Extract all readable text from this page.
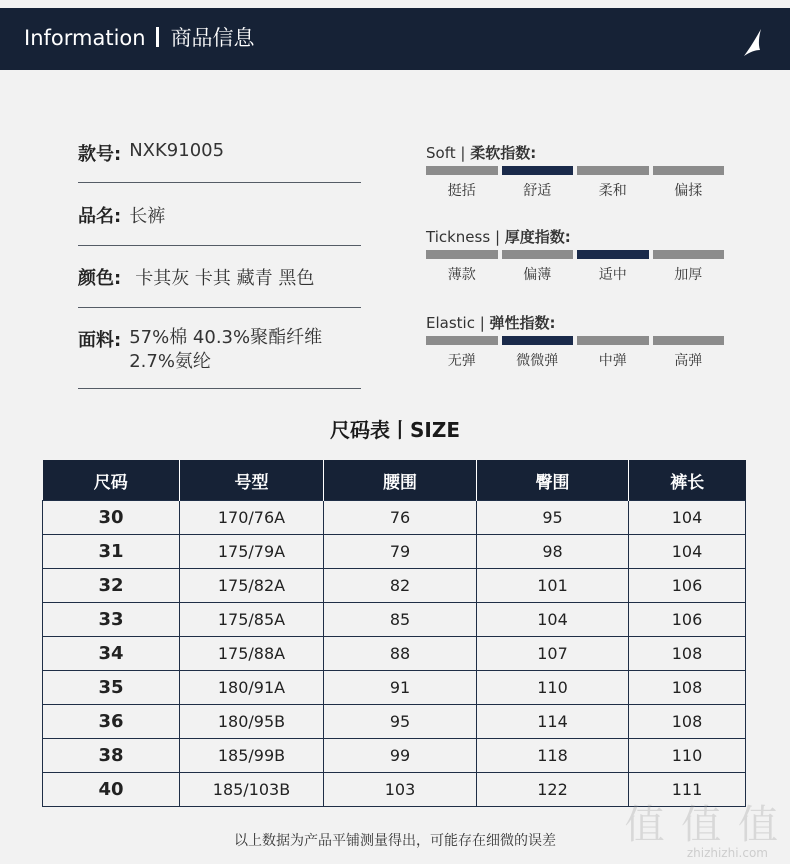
Information 商品信息
款号: NXK91005
品名: 长裤
颜色: 卡其灰 卡其 藏青 黑色
面料: 57%棉 40.3%聚酯纤维 2.7%氨纶
Soft | 柔软指数:
挺括	舒适	柔和	偏揉
Tickness | 厚度指数:
薄款	偏薄	适中	加厚
Elastic | 弹性指数:
无弹	微微弹	中弹	高弹
尺码表丨SIZE
尺码	号型	腰围	臀围	裤长
30	170/76A	76	95	104
31	175/79A	79	98	104
32	175/82A	82	101	106
33	175/85A	85	104	106
34	175/88A	88	107	108
35	180/91A	91	110	108
36	180/95B	95	114	108
38	185/99B	99	118	110
40	185/103B	103	122	111
以上数据为产品平铺测量得出，可能存在细微的误差	值 值 值
zhizhizhi.com
